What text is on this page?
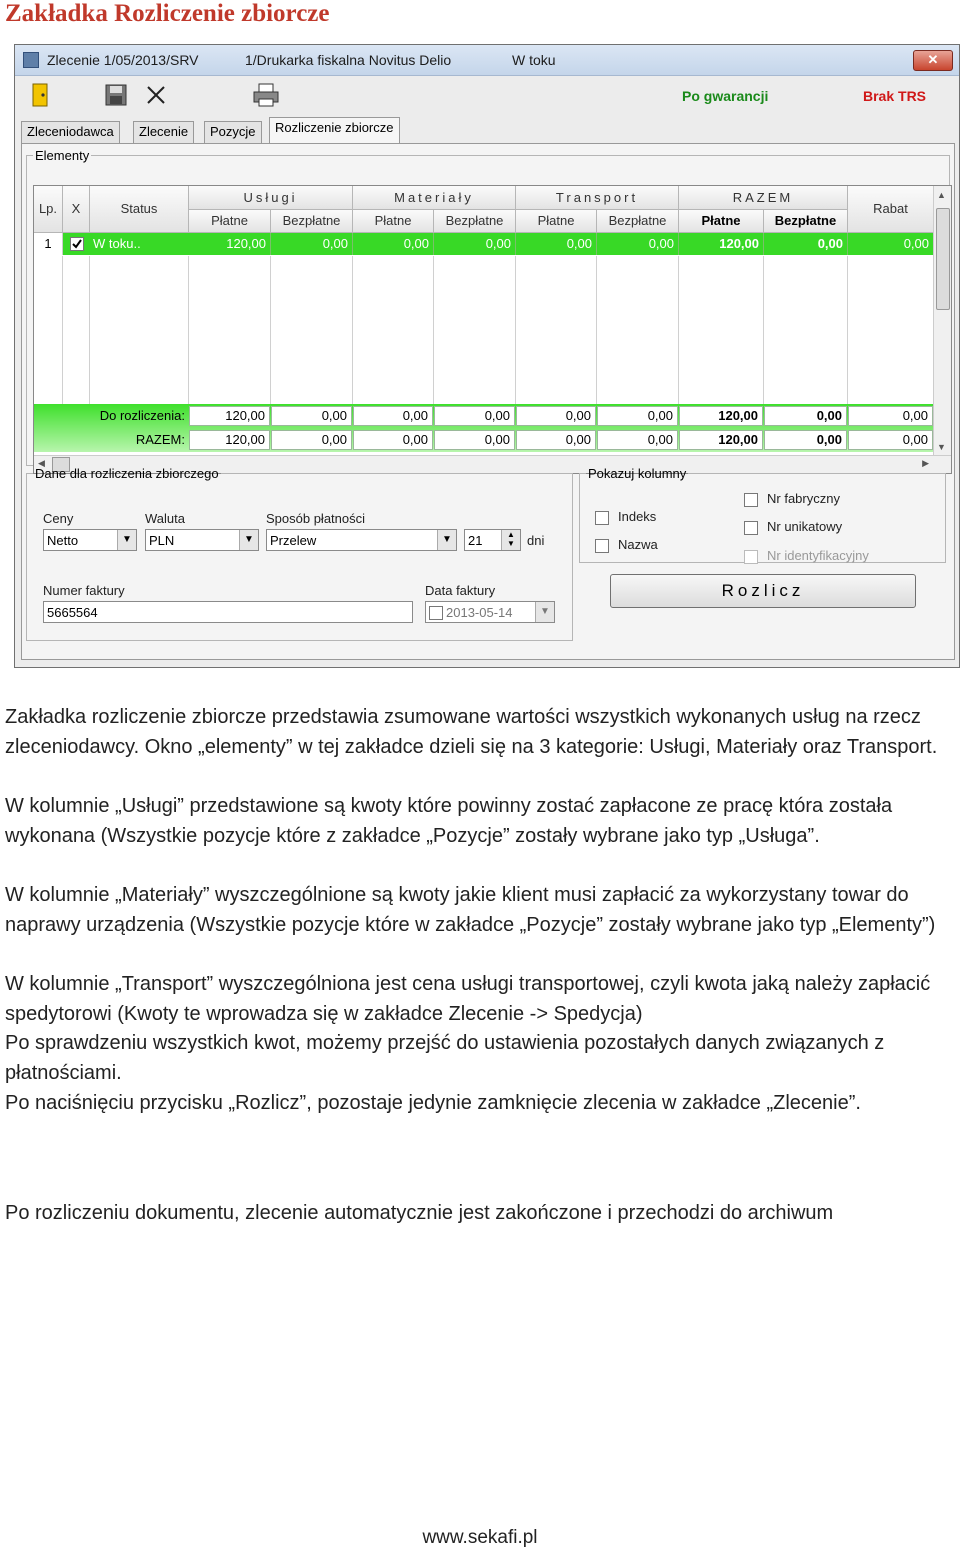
Zakładka Rozliczenie zbiorcze
Zlecenie 1/05/2013/SRV	1/Drukarka fiskalna Novitus Delio	W toku	✕
Po gwarancji	Brak TRS
Zleceniodawca	Zlecenie	Pozycje	Rozliczenie zbiorcze
Elementy
Lp.	X	Status
Usługi	Materiały	Transport	RAZEM
Rabat
Płatne	Bezpłatne	Płatne	Bezpłatne	Płatne	Bezpłatne	Płatne	Bezpłatne
1	W toku..	120,00	0,00	0,00	0,00	0,00	0,00	120,00	0,00	0,00
Do rozliczenia:	120,00	0,00	0,00	0,00	0,00	0,00	120,00	0,00	0,00
RAZEM:	120,00	0,00	0,00	0,00	0,00	0,00	120,00	0,00	0,00
▲
▼
◀	▶
Dane dla rozliczenia zbiorczego
Ceny
Netto	▼
Waluta
PLN	▼
Sposób płatności
Przelew	▼	21	▲
▼ dni
Numer faktury
5665564
Data faktury
2013-05-14	▼
Pokazuj kolumny
Indeks
Nazwa
Nr fabryczny
Nr unikatowy
Nr identyfikacyjny
Rozlicz
Zakładka rozliczenie zbiorcze przedstawia zsumowane wartości wszystkich wykonanych usług na rzecz zleceniodawcy. Okno „elementy” w tej zakładce dzieli się na 3 kategorie: Usługi, Materiały oraz Transport.
W kolumnie „Usługi” przedstawione są kwoty które powinny zostać zapłacone ze pracę która została wykonana (Wszystkie pozycje które z zakładce „Pozycje” zostały wybrane jako typ „Usługa”.
W kolumnie „Materiały” wyszczególnione są kwoty jakie klient musi zapłacić za wykorzystany towar do naprawy urządzenia (Wszystkie pozycje które w zakładce „Pozycje” zostały wybrane jako typ „Elementy”)
W kolumnie „Transport” wyszczególniona jest cena usługi transportowej, czyli kwota jaką należy zapłacić spedytorowi (Kwoty te wprowadza się w zakładce Zlecenie -> Spedycja)
Po sprawdzeniu wszystkich kwot, możemy przejść do ustawienia pozostałych danych związanych z płatnościami.
Po naciśnięciu przycisku „Rozlicz”, pozostaje jedynie zamknięcie zlecenia w zakładce „Zlecenie”.
Po rozliczeniu dokumentu, zlecenie automatycznie jest zakończone i przechodzi do archiwum
www.sekafi.pl
